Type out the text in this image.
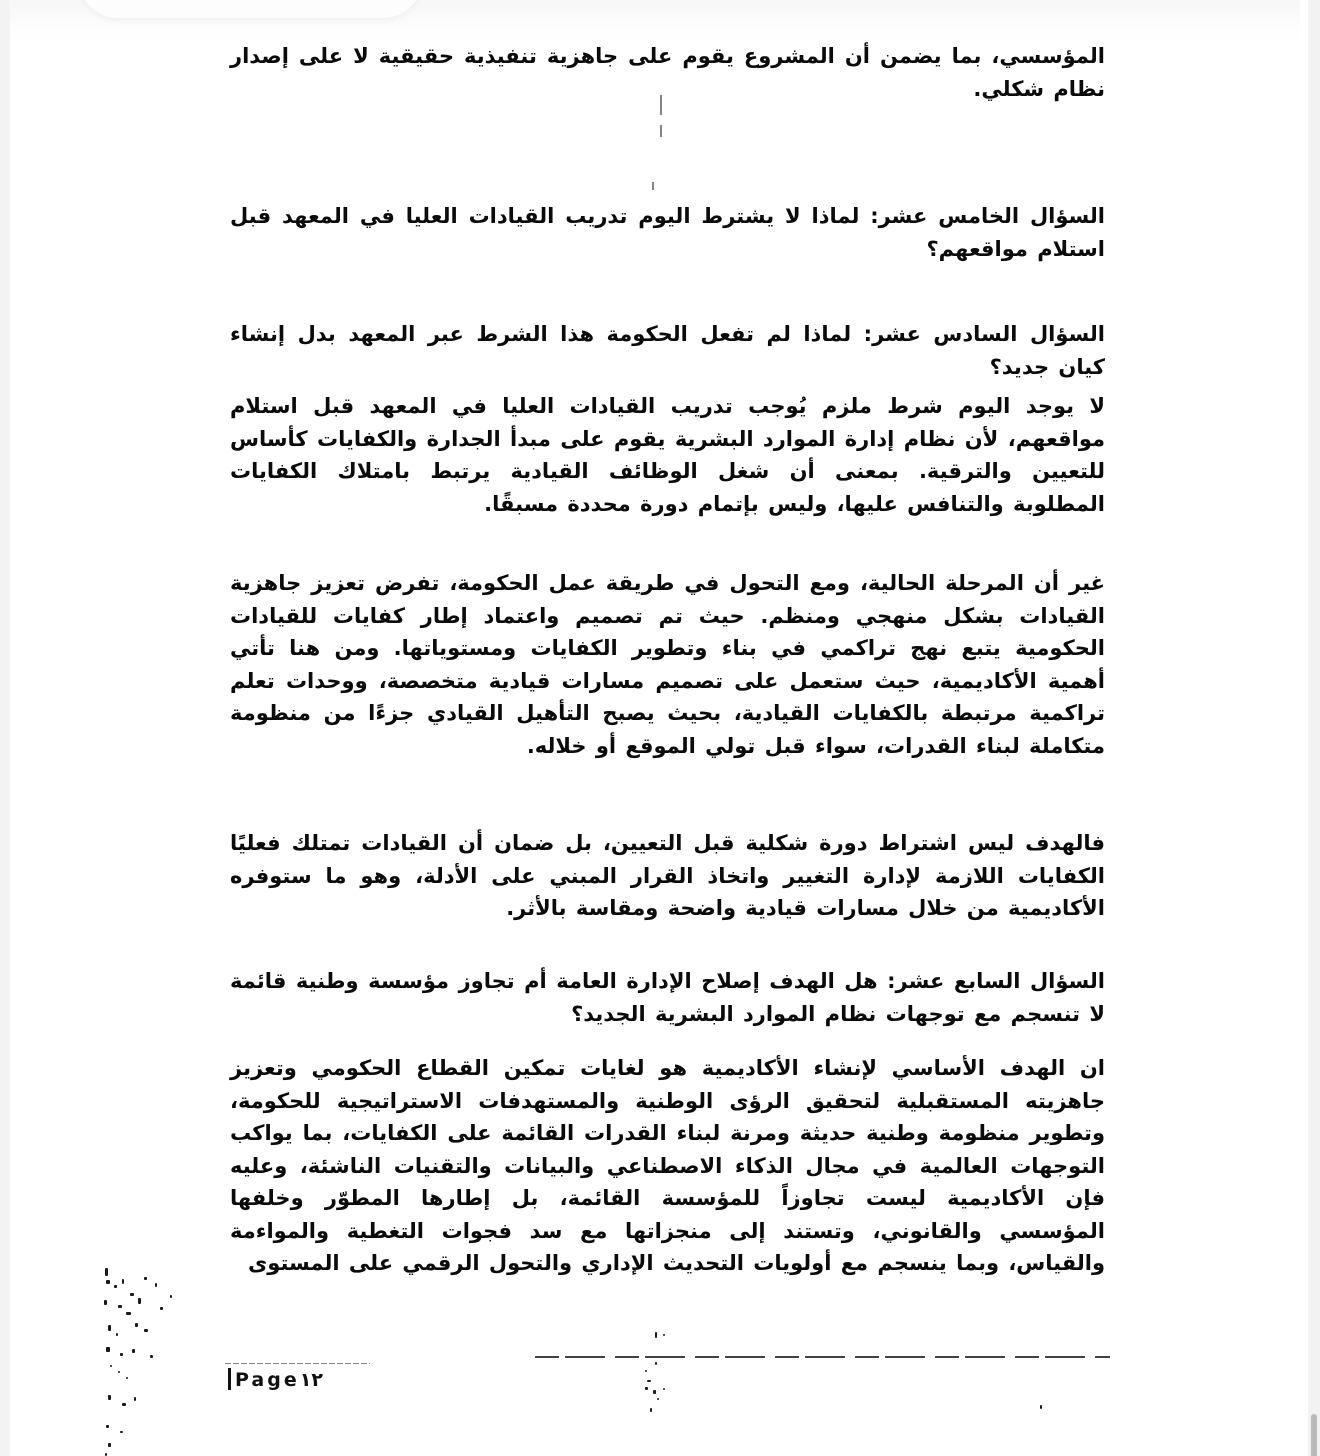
المؤسسي، بما يضمن أن المشروع يقوم على جاهزية تنفيذية حقيقية لا على إصدار نظام شكلي.

السؤال الخامس عشر: لماذا لا يشترط اليوم تدريب القيادات العليا في المعهد قبل استلام مواقعهم؟

السؤال السادس عشر: لماذا لم تفعل الحكومة هذا الشرط عبر المعهد بدل إنشاء كيان جديد؟

لا يوجد اليوم شرط ملزم يُوجب تدريب القيادات العليا في المعهد قبل استلام مواقعهم، لأن نظام إدارة الموارد البشرية يقوم على مبدأ الجدارة والكفايات كأساس للتعيين والترقية. بمعنى أن شغل الوظائف القيادية يرتبط بامتلاك الكفايات المطلوبة والتنافس عليها، وليس بإتمام دورة محددة مسبقًا.

غير أن المرحلة الحالية، ومع التحول في طريقة عمل الحكومة، تفرض تعزيز جاهزية القيادات بشكل منهجي ومنظم. حيث تم تصميم واعتماد إطار كفايات للقيادات الحكومية يتبع نهج تراكمي في بناء وتطوير الكفايات ومستوياتها. ومن هنا تأتي أهمية الأكاديمية، حيث ستعمل على تصميم مسارات قيادية متخصصة، ووحدات تعلم تراكمية مرتبطة بالكفايات القيادية، بحيث يصبح التأهيل القيادي جزءًا من منظومة متكاملة لبناء القدرات، سواء قبل تولي الموقع أو خلاله.

فالهدف ليس اشتراط دورة شكلية قبل التعيين، بل ضمان أن القيادات تمتلك فعليًا الكفايات اللازمة لإدارة التغيير واتخاذ القرار المبني على الأدلة، وهو ما ستوفره الأكاديمية من خلال مسارات قيادية واضحة ومقاسة بالأثر.

السؤال السابع عشر: هل الهدف إصلاح الإدارة العامة أم تجاوز مؤسسة وطنية قائمة لا تنسجم مع توجهات نظام الموارد البشرية الجديد؟

ان الهدف الأساسي لإنشاء الأكاديمية هو لغايات تمكين القطاع الحكومي وتعزيز جاهزيته المستقبلية لتحقيق الرؤى الوطنية والمستهدفات الاستراتيجية للحكومة، وتطوير منظومة وطنية حديثة ومرنة لبناء القدرات القائمة على الكفايات، بما يواكب التوجهات العالمية في مجال الذكاء الاصطناعي والبيانات والتقنيات الناشئة، وعليه فإن الأكاديمية ليست تجاوزاً للمؤسسة القائمة، بل إطارها المطوّر وخلفها المؤسسي والقانوني، وتستند إلى منجزاتها مع سد فجوات التغطية والمواءمة والقياس، وبما ينسجم مع أولويات التحديث الإداري والتحول الرقمي على المستوى

Page١٢
